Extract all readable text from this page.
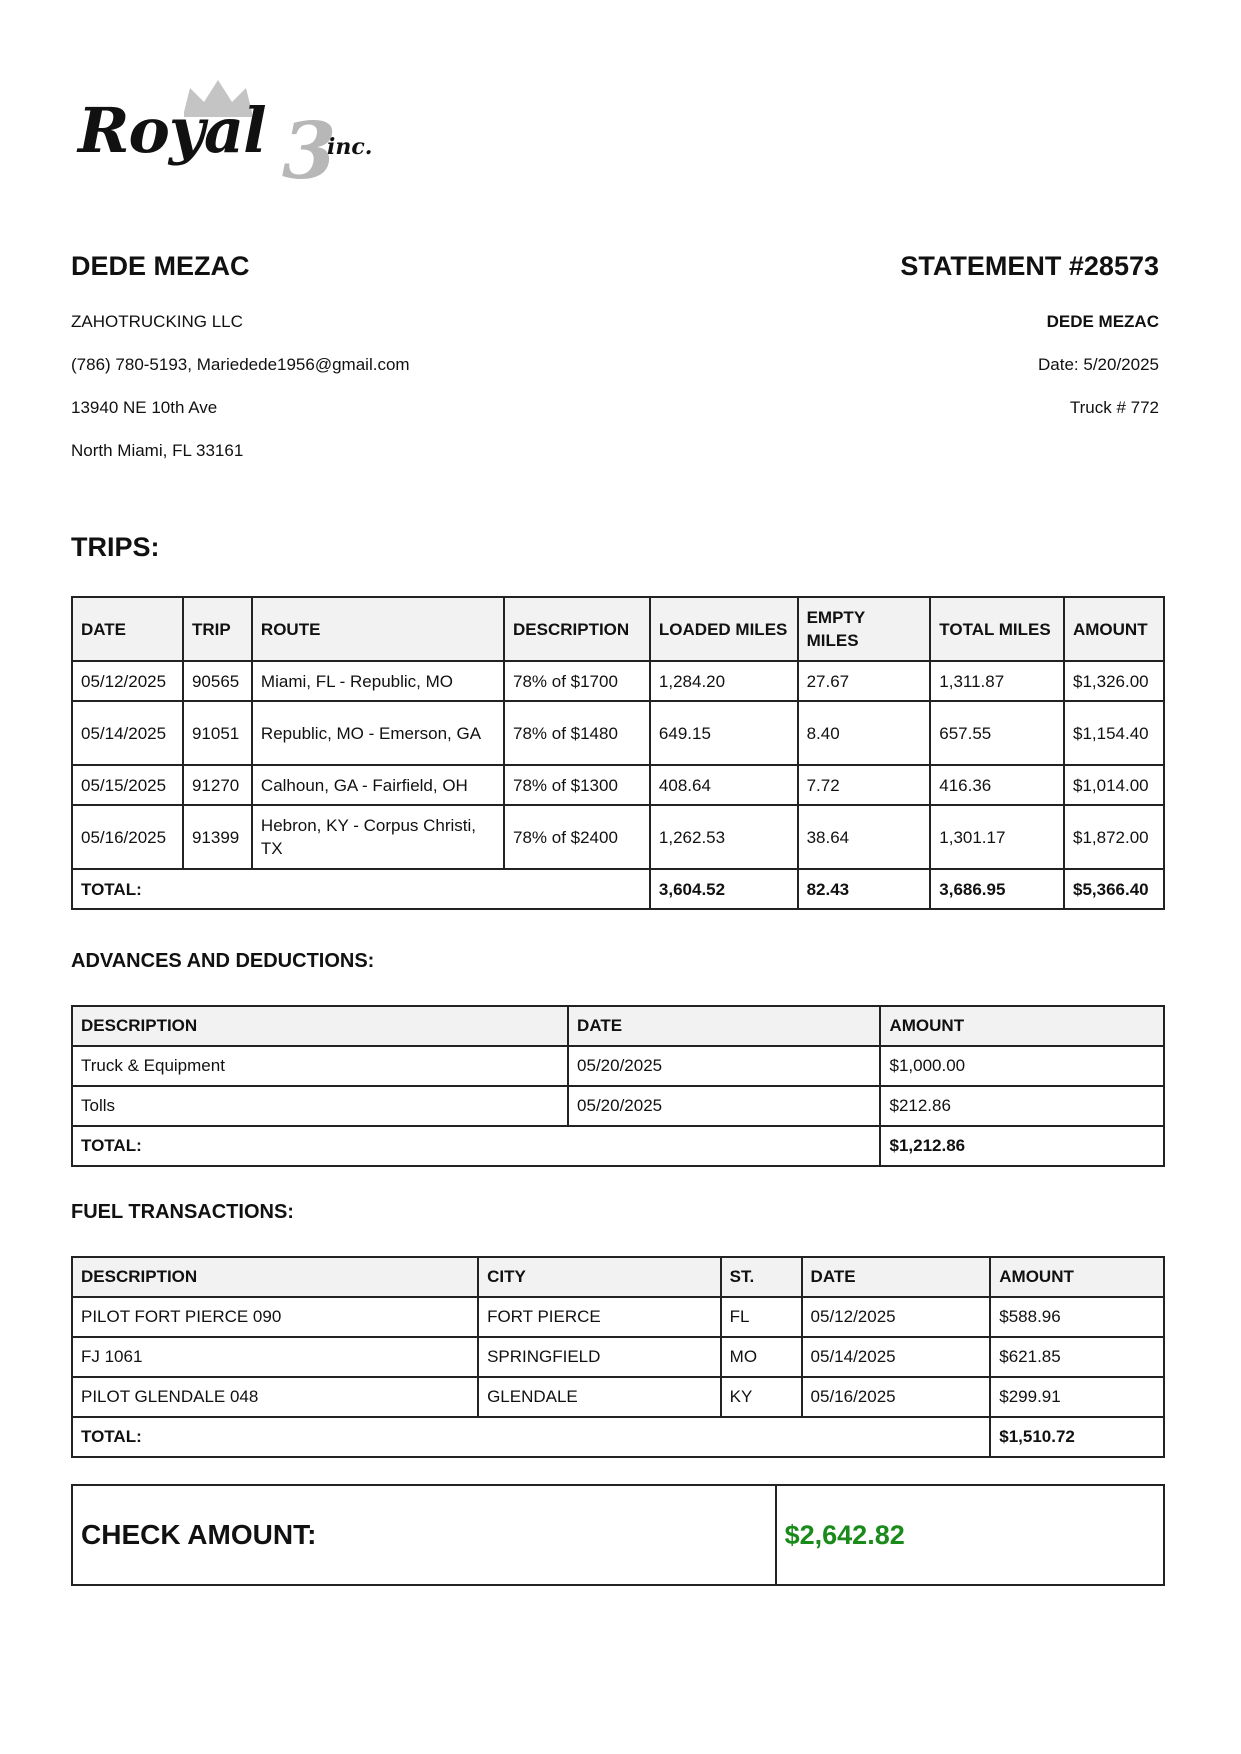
Royal 3
inc.
DEDE MEZAC
ZAHOTRUCKING LLC
(786) 780-5193, Mariedede1956@gmail.com
13940 NE 10th Ave
North Miami, FL 33161
STATEMENT #28573
DEDE MEZAC
Date: 5/20/2025
Truck # 772
TRIPS:
DATE	TRIP	ROUTE	DESCRIPTION	LOADED MILES	EMPTY MILES	TOTAL MILES	AMOUNT
05/12/2025	90565	Miami, FL - Republic, MO	78% of $1700	1,284.20	27.67	1,311.87	$1,326.00
05/14/2025	91051	Republic, MO - Emerson, GA	78% of $1480	649.15	8.40	657.55	$1,154.40
05/15/2025	91270	Calhoun, GA - Fairfield, OH	78% of $1300	408.64	7.72	416.36	$1,014.00
05/16/2025	91399	Hebron, KY - Corpus Christi, TX	78% of $2400	1,262.53	38.64	1,301.17	$1,872.00
TOTAL:				3,604.52	82.43	3,686.95	$5,366.40
ADVANCES AND DEDUCTIONS:
DESCRIPTION	DATE	AMOUNT
Truck & Equipment	05/20/2025	$1,000.00
Tolls	05/20/2025	$212.86
TOTAL:		$1,212.86
FUEL TRANSACTIONS:
DESCRIPTION	CITY	ST.	DATE	AMOUNT
PILOT FORT PIERCE 090	FORT PIERCE	FL	05/12/2025	$588.96
FJ 1061	SPRINGFIELD	MO	05/14/2025	$621.85
PILOT GLENDALE 048	GLENDALE	KY	05/16/2025	$299.91
TOTAL:				$1,510.72
CHECK AMOUNT:	$2,642.82
